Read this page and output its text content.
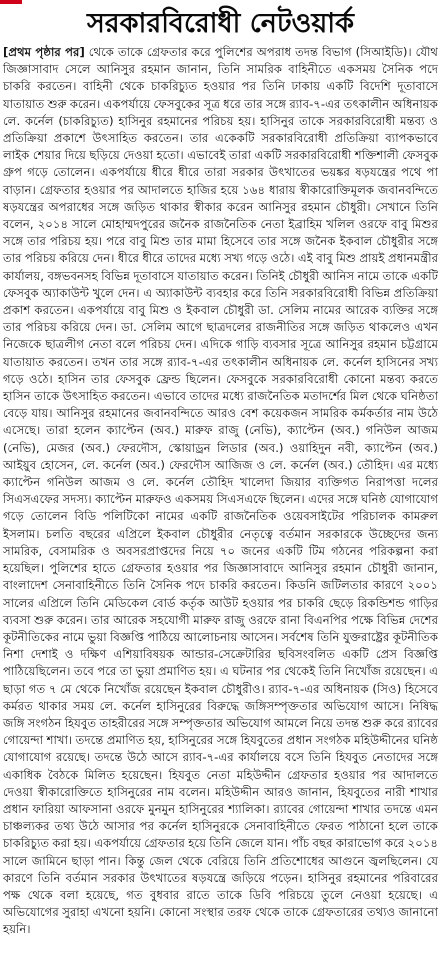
সরকারবিরোধী নেটওয়ার্ক

[প্রথম পৃষ্ঠার পর] থেকে তাকে গ্রেফতার করে পুলিশের অপরাধ তদন্ত বিভাগ (সিআইডি)। যৌথ জিজ্ঞাসাবাদ সেলে আনিসুর রহমান জানান, তিনি সামরিক বাহিনীতে একসময় সৈনিক পদে চাকরি করতেন। বাহিনী থেকে চাকরিচ্যুত হওয়ার পর তিনি ঢাকায় একটি বিদেশি দূতাবাসে যাতায়াত শুরু করেন। একপর্যায়ে ফেসবুকের সূত্র ধরে তার সঙ্গে র‌্যাব-৭-এর তৎকালীন অধিনায়ক লে. কর্নেল (চাকরিচ্যুত) হাসিনুর রহমানের পরিচয় হয়। হাসিনুর তাকে সরকারবিরোধী মন্তব্য ও প্রতিক্রিয়া প্রকাশে উৎসাহিত করতেন। তার একেকটি সরকারবিরোধী প্রতিক্রিয়া ব্যাপকভাবে লাইক শেয়ার দিয়ে ছড়িয়ে দেওয়া হতো। এভাবেই তারা একটি সরকারবিরোধী শক্তিশালী ফেসবুক গ্রুপ গড়ে তোলেন। একপর্যায়ে ধীরে ধীরে তারা সরকার উৎখাতের ভয়ঙ্কর ষড়যন্ত্রের পথে পা বাড়ান। গ্রেফতার হওয়ার পর আদালতে হাজির হয়ে ১৬৪ ধারায় স্বীকারোক্তিমূলক জবানবন্দিতে ষড়যন্ত্রের অপরাধের সঙ্গে জড়িত থাকার স্বীকার করেন আনিসুর রহমান চৌধুরী। সেখানে তিনি বলেন, ২০১৪ সালে মোহাম্মদপুরের জনৈক রাজনৈতিক নেতা ইব্রাহিম খলিল ওরফে বাবু মিশুর সঙ্গে তার পরিচয় হয়। পরে বাবু মিশু তার মামা হিসেবে তার সঙ্গে জনৈক ইকবাল চৌধুরীর সঙ্গে তার পরিচয় করিয়ে দেন। ধীরে ধীরে তাদের মধ্যে সখ্য গড়ে ওঠে। এই বাবু মিশু প্রায়ই প্রধানমন্ত্রীর কার্যালয়, বঙ্গভবনসহ বিভিন্ন দূতাবাসে যাতায়াত করেন। তিনিই চৌধুরী আনিস নামে তাকে একটি ফেসবুক অ্যাকাউন্ট খুলে দেন। এ অ্যাকাউন্ট ব্যবহার করে তিনি সরকারবিরোধী বিভিন্ন প্রতিক্রিয়া প্রকাশ করতেন। একপর্যায়ে বাবু মিশু ও ইকবাল চৌধুরী ডা. সেলিম নামের আরেক ব্যক্তির সঙ্গে তার পরিচয় করিয়ে দেন। ডা. সেলিম আগে ছাত্রদলের রাজনীতির সঙ্গে জড়িত থাকলেও এখন নিজেকে ছাত্রলীগ নেতা বলে পরিচয় দেন। এদিকে গাড়ি ব্যবসার সূত্রে আনিসুর রহমান চট্টগ্রামে যাতায়াত করতেন। তখন তার সঙ্গে র‌্যাব-৭-এর তৎকালীন অধিনায়ক লে. কর্নেল হাসিনের সখ্য গড়ে ওঠে। হাসিন তার ফেসবুক ফ্রেন্ড ছিলেন। ফেসবুকে সরকারবিরোধী কোনো মন্তব্য করতে হাসিন তাকে উৎসাহিত করতেন। এভাবে তাদের মধ্যে রাজনৈতিক মতাদর্শের মিল থেকে ঘনিষ্ঠতা বেড়ে যায়। আনিসুর রহমানের জবানবন্দিতে আরও বেশ কয়েকজন সামরিক কর্মকর্তার নাম উঠে এসেছে। তারা হলেন ক্যাপ্টেন (অব.) মারুফ রাজু (নেভি), ক্যাপ্টেন (অব.) গনিউল আজম (নেভি), মেজর (অব.) ফেরদৌস, স্কোয়াড্রন লিডার (অব.) ওয়াহিদুন নবী, ক্যাপ্টেন (অব.) আইয়ুব হোসেন, লে. কর্নেল (অব.) ফেরদৌস আজিজ ও লে. কর্নেল (অব.) তৌহিদ। এর মধ্যে ক্যাপ্টেন গনিউল আজম ও লে. কর্নেল তৌহিদ খালেদা জিয়ার ব্যক্তিগত নিরাপত্তা দলের সিএসএফের সদস্য। ক্যাপ্টেন মারুফও একসময় সিএসএফে ছিলেন। এদের সঙ্গে ঘনিষ্ঠ যোগাযোগ গড়ে তোলেন বিডি পলিটিকো নামের একটি রাজনৈতিক ওয়েবসাইটের পরিচালক কামরুল ইসলাম। চলতি বছরের এপ্রিলে ইকবাল চৌধুরীর নেতৃত্বে বর্তমান সরকারকে উচ্ছেদের জন্য সামরিক, বেসামরিক ও অবসরপ্রাপ্তদের নিয়ে ৭০ জনের একটি টিম গঠনের পরিকল্পনা করা হয়েছিল। পুলিশের হাতে গ্রেফতার হওয়ার পর জিজ্ঞাসাবাদে আনিসুর রহমান চৌধুরী জানান, বাংলাদেশ সেনাবাহিনীতে তিনি সৈনিক পদে চাকরি করতেন। কিডনি জটিলতার কারণে ২০০১ সালের এপ্রিলে তিনি মেডিকেল বোর্ড কর্তৃক আউট হওয়ার পর চাকরি ছেড়ে রিকন্ডিশন্ড গাড়ির ব্যবসা শুরু করেন। তার আরেক সহযোগী মারুফ রাজু ওরফে রানা বিএনপির পক্ষে বিভিন্ন দেশের কূটনীতিকের নামে ভুয়া বিজ্ঞপ্তি পাঠিয়ে আলোচনায় আসেন। সর্বশেষ তিনি যুক্তরাষ্ট্রের কূটনীতিক নিশা দেশাই ও দক্ষিণ এশিয়াবিষয়ক আন্ডার-সেক্রেটারির ছবিসংবলিত একটি প্রেস বিজ্ঞপ্তি পাঠিয়েছিলেন। তবে পরে তা ভুয়া প্রমাণিত হয়। এ ঘটনার পর থেকেই তিনি নিখোঁজ রয়েছেন। এ ছাড়া গত ৭ মে থেকে নিখোঁজ রয়েছেন ইকবাল চৌধুরীও। র‌্যাব-৭-এর অধিনায়ক (সিও) হিসেবে কর্মরত থাকার সময় লে. কর্নেল হাসিনুরের বিরুদ্ধে জঙ্গিসম্পৃক্ততার অভিযোগ আসে। নিষিদ্ধ জঙ্গি সংগঠন হিযবুত তাহরীরের সঙ্গে সম্পৃক্ততার অভিযোগ আমলে নিয়ে তদন্ত শুরু করে র‌্যাবের গোয়েন্দা শাখা। তদন্তে প্রমাণিত হয়, হাসিনুরের সঙ্গে হিযবুতের প্রধান সংগঠক মহিউদ্দীনের ঘনিষ্ঠ যোগাযোগ রয়েছে। তদন্তে উঠে আসে র‌্যাব-৭-এর কার্যালয়ে বসে তিনি হিযবুত নেতাদের সঙ্গে একাধিক বৈঠকে মিলিত হয়েছেন। হিযবুত নেতা মহিউদ্দীন গ্রেফতার হওয়ার পর আদালতে দেওয়া স্বীকারোক্তিতে হাসিনুরের নাম বলেন। মহিউদ্দীন আরও জানান, হিযবুতের নারী শাখার প্রধান ফারিয়া আফসানা ওরফে মুনমুন হাসিনুরের শ্যালিকা। র‌্যাবের গোয়েন্দা শাখার তদন্তে এমন চাঞ্চল্যকর তথ্য উঠে আসার পর কর্নেল হাসিনুরকে সেনাবাহিনীতে ফেরত পাঠানো হলে তাকে চাকরিচ্যুত করা হয়। একপর্যায়ে গ্রেফতার হয়ে তিনি জেলে যান। পাঁচ বছর কারাভোগ করে ২০১৪ সালে জামিনে ছাড়া পান। কিন্তু জেল থেকে বেরিয়ে তিনি প্রতিশোধের আগুনে জ্বলছিলেন। যে কারণে তিনি বর্তমান সরকার উৎখাতের ষড়যন্ত্রে জড়িয়ে পড়েন। হাসিনুর রহমানের পরিবারের পক্ষ থেকে বলা হয়েছে, গত বুধবার রাতে তাকে ডিবি পরিচয়ে তুলে নেওয়া হয়েছে। এ অভিযোগের সুরাহা এখনো হয়নি। কোনো সংস্থার তরফ থেকে তাকে গ্রেফতারের তথ্যও জানানো হয়নি।
